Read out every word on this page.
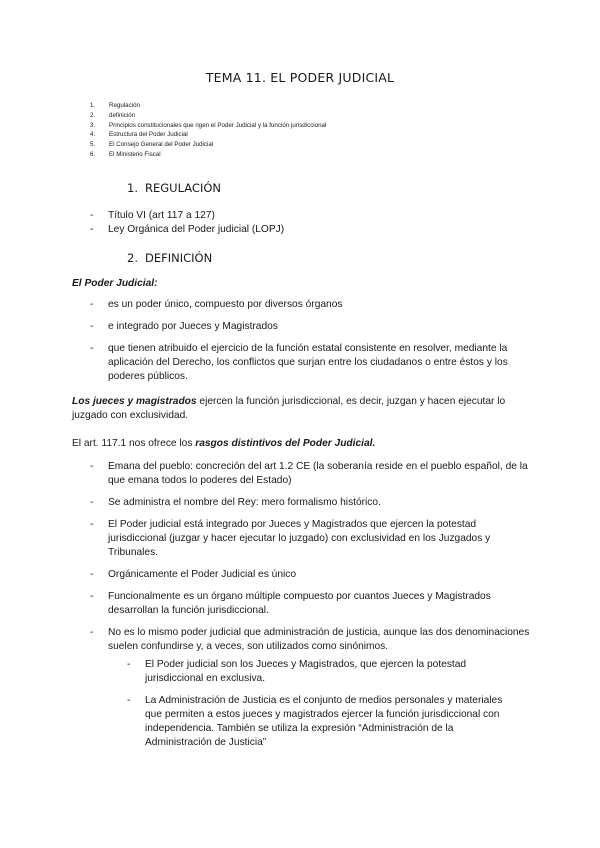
TEMA 11. EL PODER JUDICIAL
1. Regulación
2. definición
3. Principios constitucionales que rigen el Poder Judicial y la función jurisdiccional
4. Estructura del Poder Judicial
5. El Consejo General del Poder Judicial
6. El Ministerio Fiscal
1. REGULACIÓN
- Título VI (art 117 a 127)
- Ley Orgánica del Poder judicial (LOPJ)
2. DEFINICIÓN

El Poder Judicial:

- es un poder único, compuesto por diversos órganos
- e integrado por Jueces y Magistrados
- que tienen atribuido el ejercicio de la función estatal consistente en resolver, mediante la aplicación del Derecho, los conflictos que surjan entre los ciudadanos o entre éstos y los poderes públicos.

Los jueces y magistrados ejercen la función jurisdiccional, es decir, juzgan y hacen ejecutar lo juzgado con exclusividad.

El art. 117.1 nos ofrece los rasgos distintivos del Poder Judicial.

- Emana del pueblo: concreción del art 1.2 CE (la soberanía reside en el pueblo español, de la que emana todos lo poderes del Estado)
- Se administra el nombre del Rey: mero formalismo histórico.
- El Poder judicial está integrado por Jueces y Magistrados que ejercen la potestad jurisdiccional (juzgar y hacer ejecutar lo juzgado) con exclusividad en los Juzgados y Tribunales.
- Orgánicamente el Poder Judicial es único
- Funcionalmente es un órgano múltiple compuesto por cuantos Jueces y Magistrados desarrollan la función jurisdiccional.
- No es lo mismo poder judicial que administración de justicia, aunque las dos denominaciones suelen confundirse y, a veces, son utilizados como sinónimos.
- El Poder judicial son los Jueces y Magistrados, que ejercen la potestad jurisdiccional en exclusiva.
- La Administración de Justicia es el conjunto de medios personales y materiales que permiten a estos jueces y magistrados ejercer la función jurisdiccional con independencia. También se utiliza la expresión “Administración de la Administración de Justicia”
